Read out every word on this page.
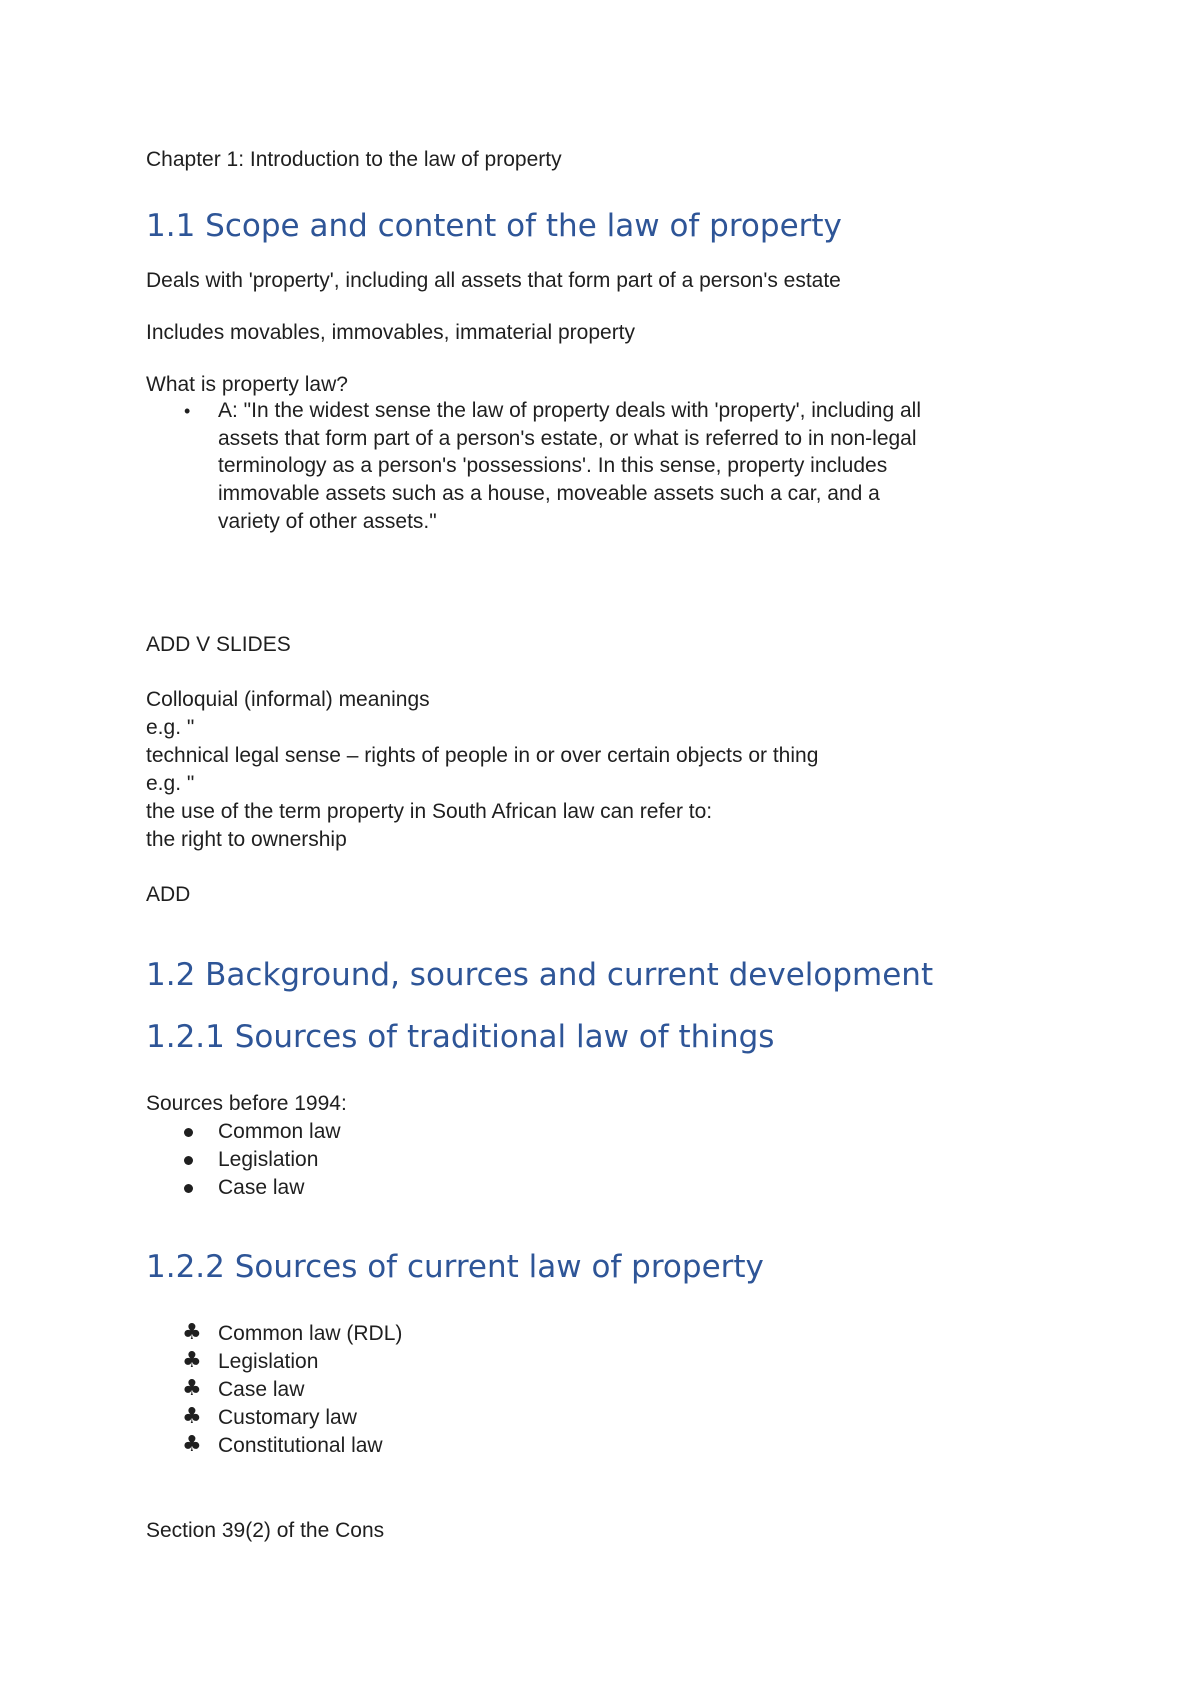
Chapter 1: Introduction to the law of property
1.1 Scope and content of the law of property
Deals with 'property', including all assets that form part of a person's estate
Includes movables, immovables, immaterial property
What is property law?
• A: "In the widest sense the law of property deals with 'property', including all
assets that form part of a person's estate, or what is referred to in non-legal
terminology as a person's 'possessions'. In this sense, property includes
immovable assets such as a house, moveable assets such a car, and a
variety of other assets."
ADD V SLIDES
Colloquial (informal) meanings
e.g. "
technical legal sense – rights of people in or over certain objects or thing
e.g. "
the use of the term property in South African law can refer to:
the right to ownership
ADD
1.2 Background, sources and current development
1.2.1 Sources of traditional law of things
Sources before 1994:
Common law
Legislation
Case law
1.2.2 Sources of current law of property
♣ Common law (RDL)
♣ Legislation
♣ Case law
♣ Customary law
♣ Constitutional law
Section 39(2) of the Cons
